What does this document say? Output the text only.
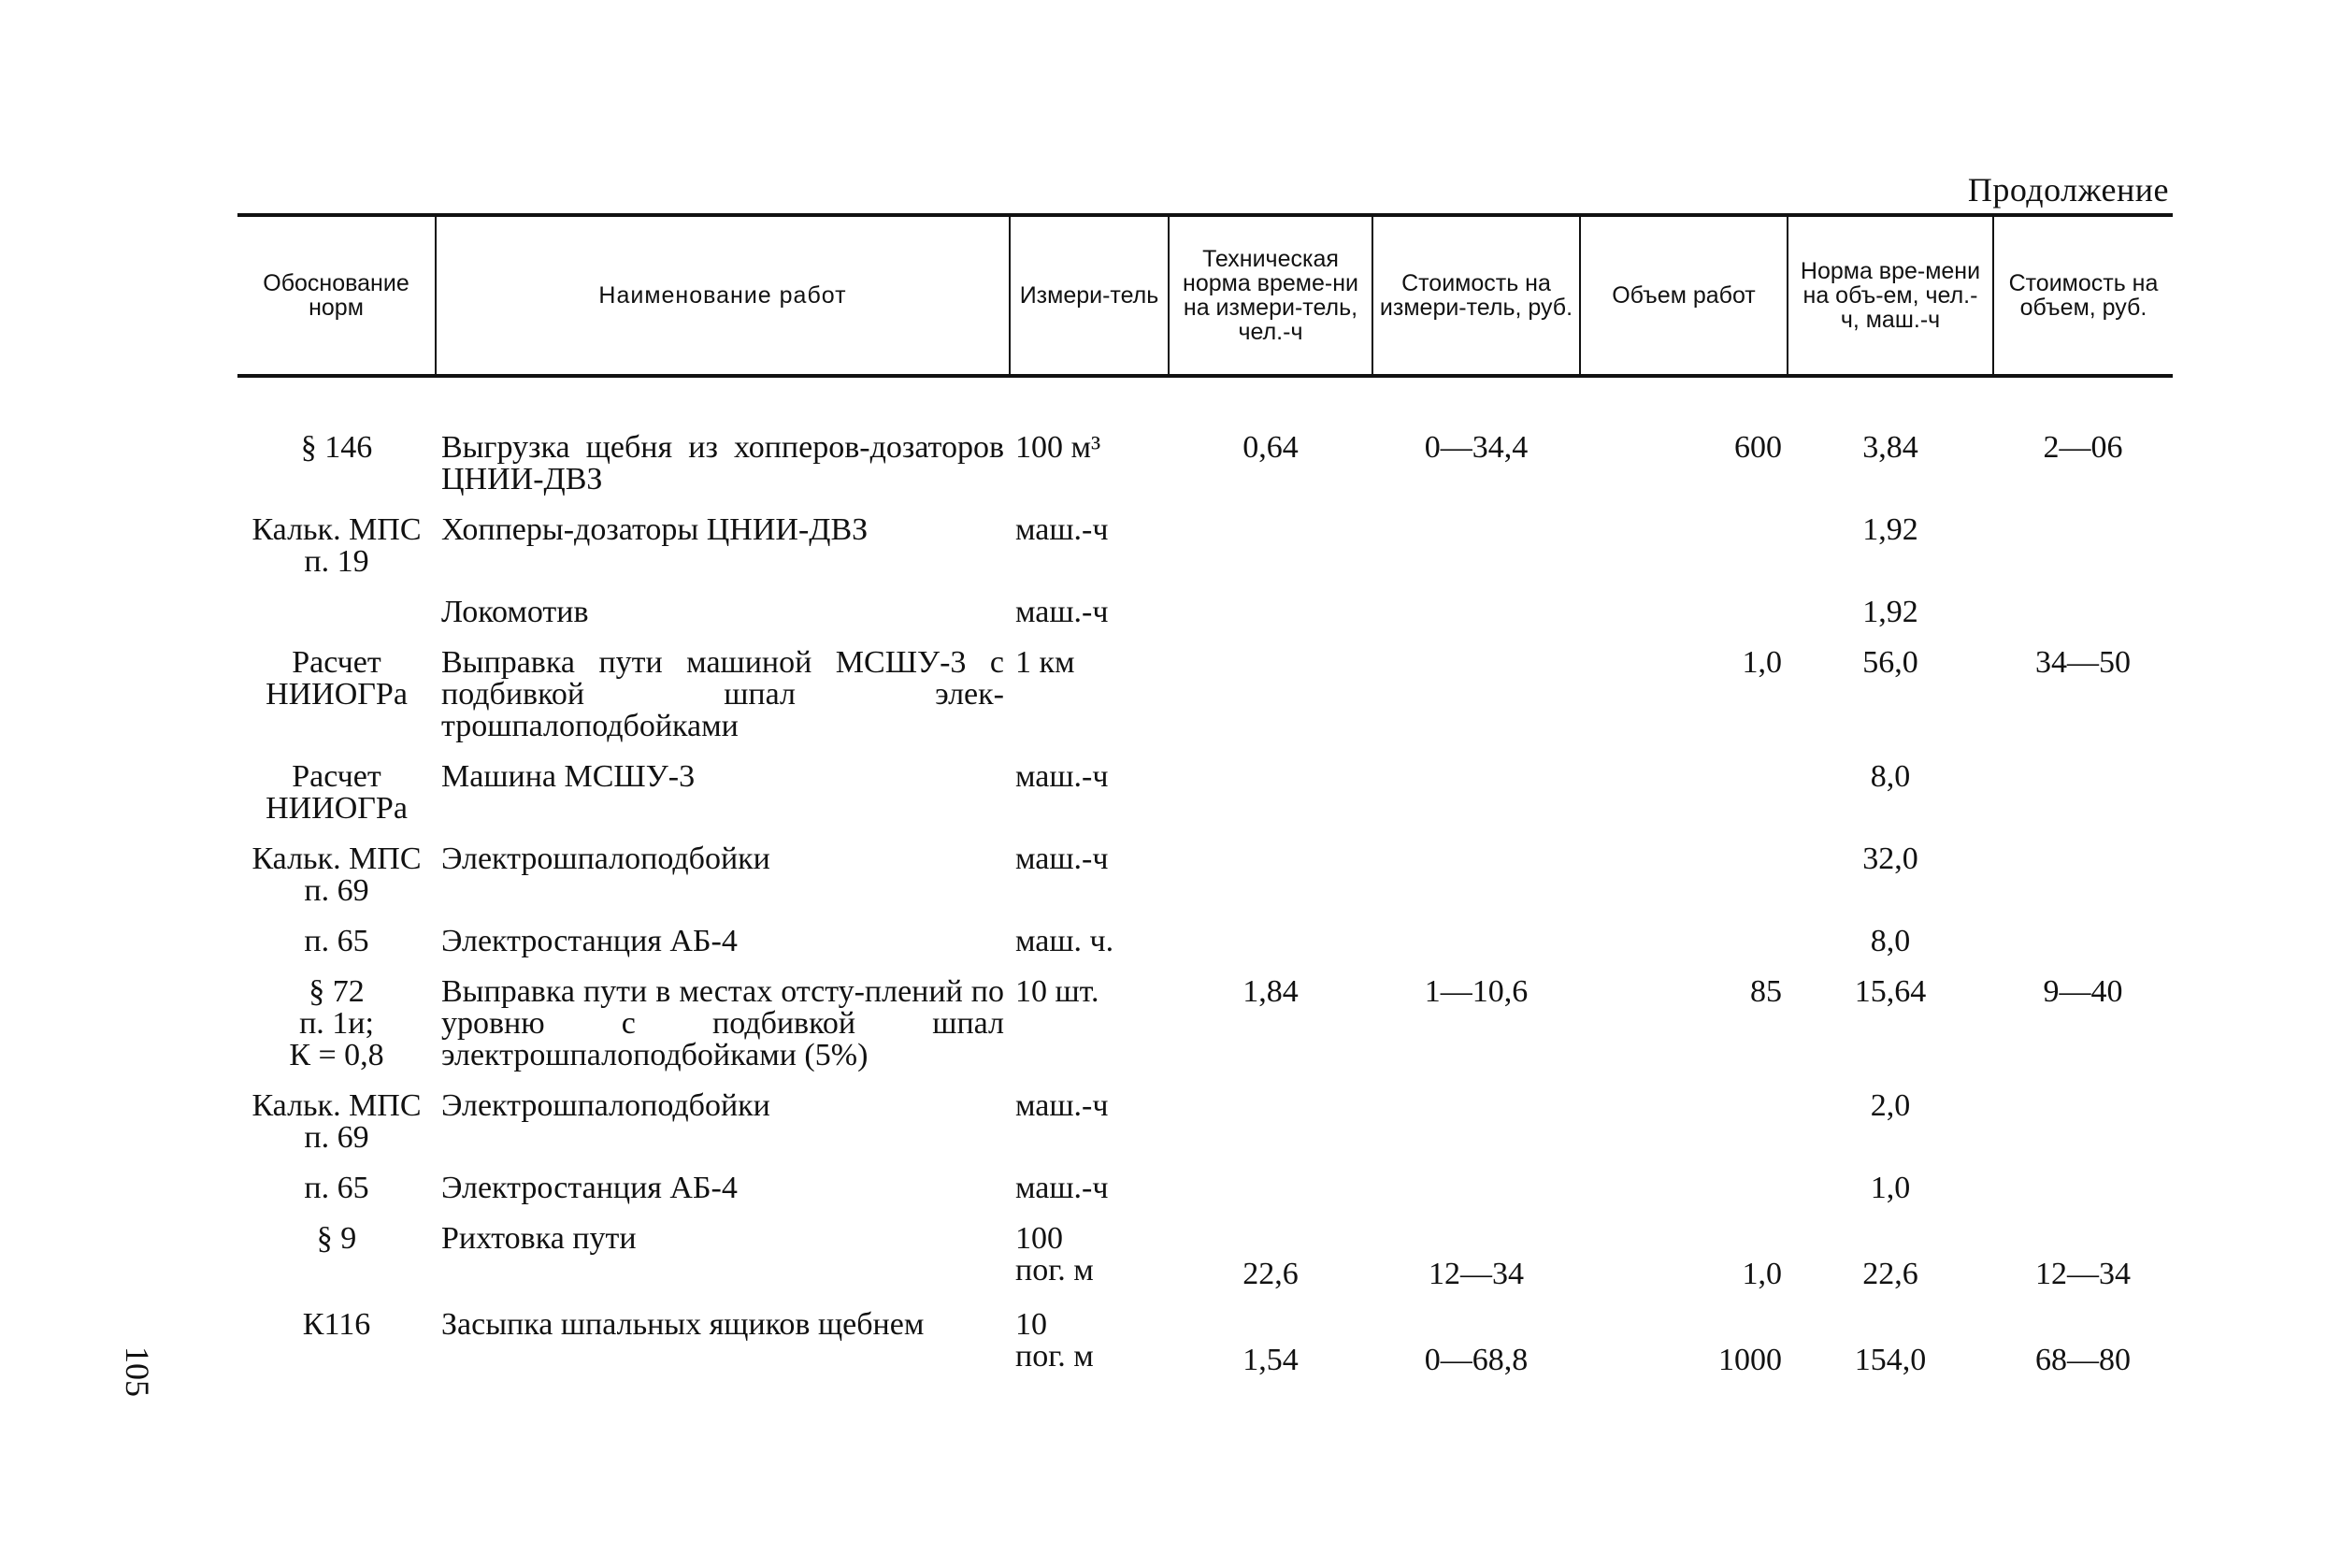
Продолжение
105
Обоснование норм	Наименование работ	Измери-тель	Техническая норма време-ни на измери-тель, чел.-ч	Стоимость на измери-тель, руб.	Объем работ	Норма вре-мени на объ-ем, чел.-ч, маш.-ч	Стоимость на объем, руб.

§ 146	Выгрузка щебня из хопперов-дозаторов ЦНИИ-ДВЗ	100 м³	0,64	0—34,4	600	3,84	2—06

Кальк. МПС
п. 19	Хопперы-дозаторы ЦНИИ-ДВЗ	маш.-ч				1,92	

	Локомотив	маш.-ч				1,92	

Расчет
НИИОГРа	Выправка пути машиной МСШУ-3 с подбивкой шпал элек-трошпалоподбойками	1 км			1,0	56,0	34—50

Расчет
НИИОГРа	Машина МСШУ-3	маш.-ч				8,0	

Кальк. МПС
п. 69	Электрошпалоподбойки	маш.-ч				32,0	

п. 65	Электростанция АБ-4	маш. ч.				8,0	

§ 72
п. 1и;
К = 0,8	Выправка пути в местах отсту-плений по уровню с подбивкой шпал электрошпалоподбойками (5%)	10 шт.	1,84	1—10,6	85	15,64	9—40

Кальк. МПС
п. 69	Электрошпалоподбойки	маш.-ч				2,0	

п. 65	Электростанция АБ-4	маш.-ч				1,0	

§ 9	Рихтовка пути	100
пог. м	22,6	12—34	1,0	22,6	12—34

К116	Засыпка шпальных ящиков щебнем	10
пог. м	1,54	0—68,8	1000	154,0	68—80
